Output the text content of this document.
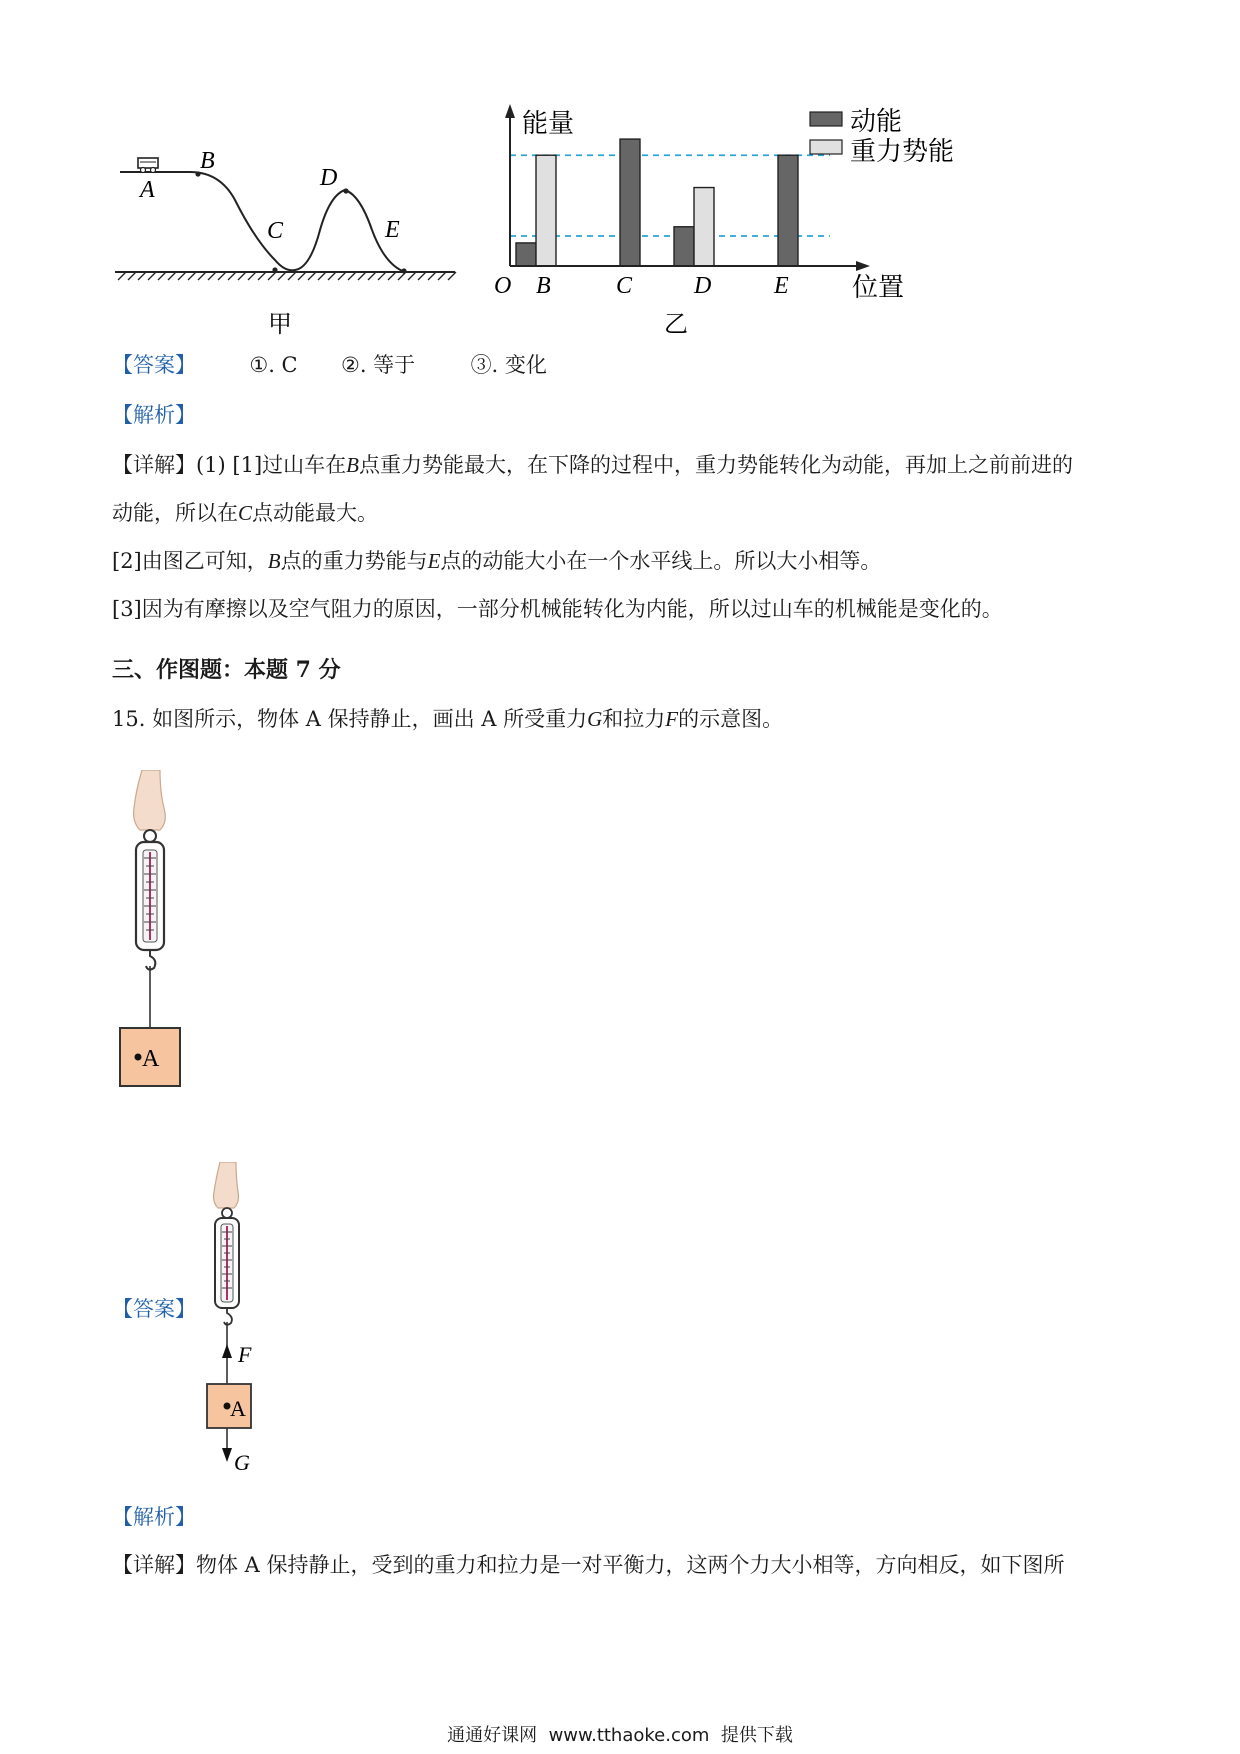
A
B
C
D
E
甲
B	C	D	E
能量
位置
O
动能
重力势能
乙
【答案】	①. C ②. 等于	③. 变化
【解析】
【详解】(1) [1]过山车在B点重力势能最大，在下降的过程中，重力势能转化为动能，再加上之前前进的
动能，所以在C点动能最大。
[2]由图乙可知，B点的重力势能与E点的动能大小在一个水平线上。所以大小相等。
[3]因为有摩擦以及空气阻力的原因，一部分机械能转化为内能，所以过山车的机械能是变化的。
三、作图题：本题 7 分
15. 如图所示，物体 A 保持静止，画出 A 所受重力G和拉力F的示意图。
A
【答案】
A
F
G
【解析】
【详解】物体 A 保持静止，受到的重力和拉力是一对平衡力，这两个力大小相等，方向相反，如下图所
通通好课网  www.tthaoke.com  提供下载
